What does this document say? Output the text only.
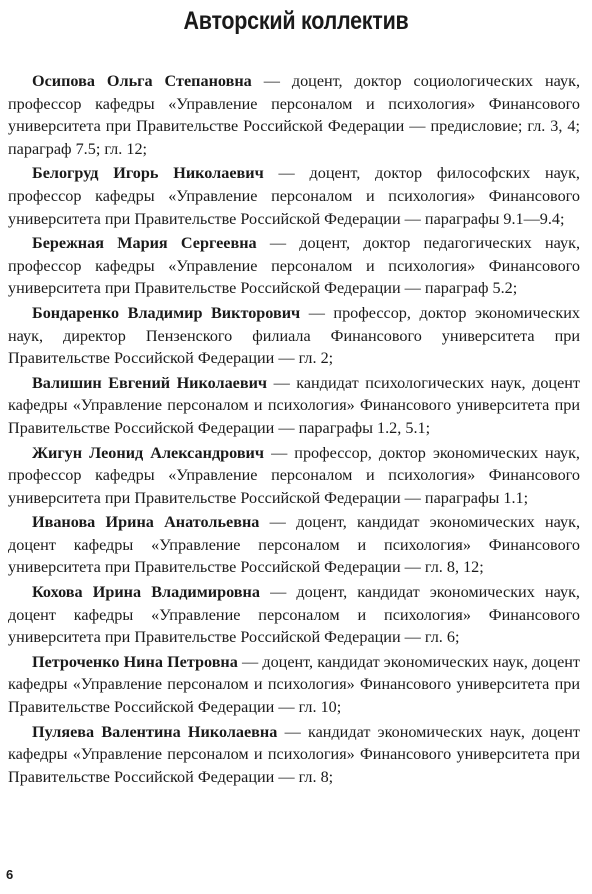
Авторский коллектив

Осипова Ольга Степановна — доцент, доктор социологических наук, профессор кафедры «Управление персоналом и психология» Финансового университета при Правительстве Российской Федерации — предисловие; гл. 3, 4; параграф 7.5; гл. 12;

Белогруд Игорь Николаевич — доцент, доктор философских наук, профессор кафедры «Управление персоналом и психология» Финансового университета при Правительстве Российской Федерации — параграфы 9.1—9.4;

Бережная Мария Сергеевна — доцент, доктор педагогических наук, профессор кафедры «Управление персоналом и психология» Финансового университета при Правительстве Российской Федерации — параграф 5.2;

Бондаренко Владимир Викторович — профессор, доктор экономических наук, директор Пензенского филиала Финансового университета при Правительстве Российской Федерации — гл. 2;

Валишин Евгений Николаевич — кандидат психологических наук, доцент кафедры «Управление персоналом и психология» Финансового университета при Правительстве Российской Федерации — параграфы 1.2, 5.1;

Жигун Леонид Александрович — профессор, доктор экономических наук, профессор кафедры «Управление персоналом и психология» Финансового университета при Правительстве Российской Федерации — параграфы 1.1;

Иванова Ирина Анатольевна — доцент, кандидат экономических наук, доцент кафедры «Управление персоналом и психология» Финансового университета при Правительстве Российской Федерации — гл. 8, 12;

Кохова Ирина Владимировна — доцент, кандидат экономических наук, доцент кафедры «Управление персоналом и психология» Финансового университета при Правительстве Российской Федерации — гл. 6;

Петроченко Нина Петровна — доцент, кандидат экономических наук, доцент кафедры «Управление персоналом и психология» Финансового университета при Правительстве Российской Федерации — гл. 10;

Пуляева Валентина Николаевна — кандидат экономических наук, доцент кафедры «Управление персоналом и психология» Финансового университета при Правительстве Российской Федерации — гл. 8;

6
